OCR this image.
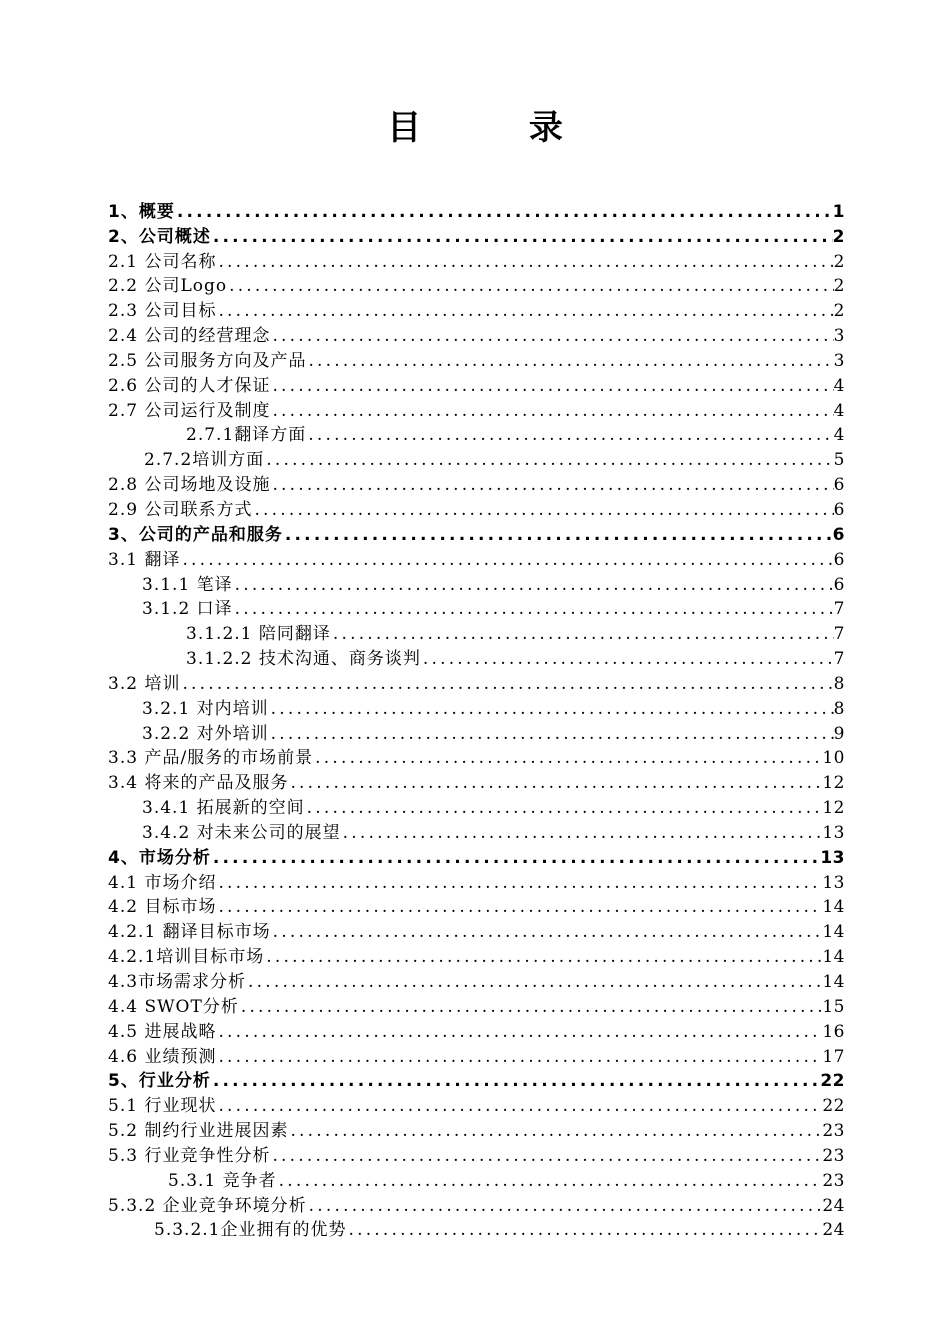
目 录
1、概要 .....	1
2、公司概述 .....	2
2.1 公司名称 .....	2
2.2 公司Logo .....	2
2.3 公司目标 .....	2
2.4 公司的经营理念 .....	3
2.5 公司服务方向及产品 .....	3
2.6 公司的人才保证 .....	4
2.7 公司运行及制度 .....	4
2.7.1翻译方面 .....	4
2.7.2培训方面 .....	5
2.8 公司场地及设施 .....	6
2.9 公司联系方式 .....	6
3、公司的产品和服务 .....	6
3.1 翻译 .....	6
3.1.1 笔译 .....	6
3.1.2 口译 .....	7
3.1.2.1 陪同翻译 .....	7
3.1.2.2 技术沟通、商务谈判 .....	7
3.2 培训 .....	8
3.2.1 对内培训 .....	8
3.2.2 对外培训 .....	9
3.3 产品/服务的市场前景 .....	10
3.4 将来的产品及服务 .....	12
3.4.1 拓展新的空间 .....	12
3.4.2 对未来公司的展望 .....	13
4、市场分析 .....	13
4.1 市场介绍 .....	13
4.2 目标市场 .....	14
4.2.1 翻译目标市场 .....	14
4.2.1培训目标市场 .....	14
4.3市场需求分析 .....	14
4.4 SWOT分析 .....	15
4.5 进展战略 .....	16
4.6 业绩预测 .....	17
5、行业分析 .....	22
5.1 行业现状 .....	22
5.2 制约行业进展因素 .....	23
5.3 行业竞争性分析 .....	23
5.3.1 竞争者 .....	23
5.3.2 企业竞争环境分析 .....	24
5.3.2.1企业拥有的优势 .....	24
